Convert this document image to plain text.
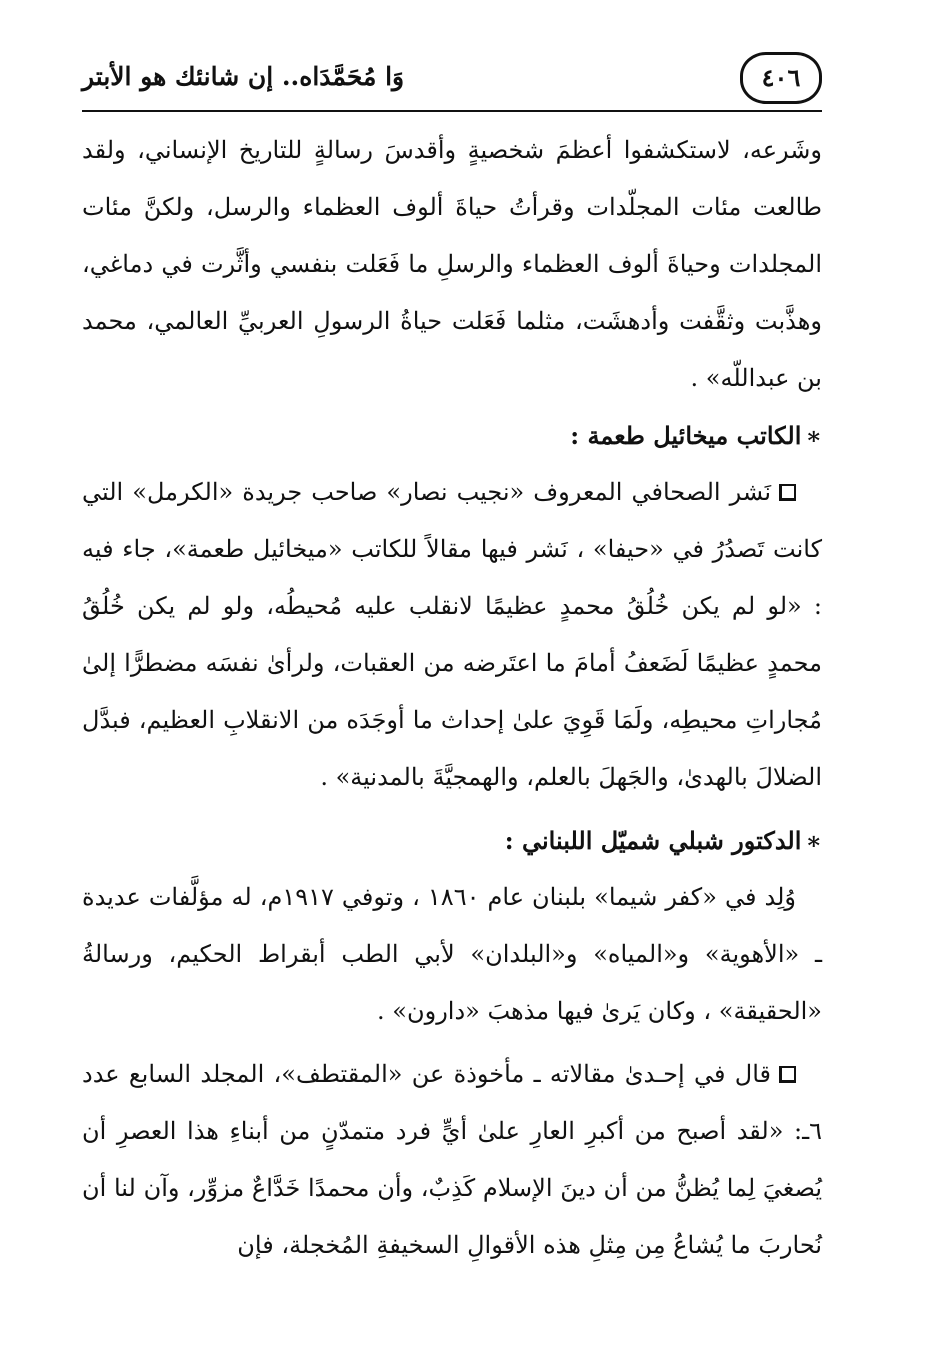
٤٠٦
وَا مُحَمَّدَاه.. إن شانئك هو الأبتر

وشَرعه، لاستكشفوا أعظمَ شخصيةٍ وأقدسَ رسالةٍ للتاريخ الإنساني، ولقد طالعت مئات المجلّدات وقرأتُ حياةَ ألوف العظماء والرسل، ولكنَّ مئات المجلدات وحياةَ ألوف العظماء والرسلِ ما فَعَلت بنفسي وأثَّرت في دماغي، وهذَّبت وثقَّفت وأدهشَت، مثلما فَعَلت حياةُ الرسولِ العربيِّ العالمي، محمد بن عبداللّه» .

∗الكاتب ميخائيل طعمة :

نَشر الصحافي المعروف «نجيب نصار» صاحب جريدة «الكرمل» التي كانت تَصدُرُ في «حيفا» ، نَشر فيها مقالاً للكاتب «ميخائيل طعمة»، جاء فيه : «لو لم يكن خُلُقُ محمدٍ عظيمًا لانقلب عليه مُحيطُه، ولو لم يكن خُلُقُ محمدٍ عظيمًا لَضَعفُ أمامَ ما اعتَرضه من العقبات، ولرأىٰ نفسَه مضطرًّا إلىٰ مُجاراتِ محيطِه، ولَمَا قَوِيَ علىٰ إحداث ما أوجَدَه من الانقلابِ العظيم، فبدَّل الضلالَ بالهدىٰ، والجَهلَ بالعلم، والهمجيَّةَ بالمدنية» .

∗الدكتور شبلي شميّل اللبناني :

وُلِد في «كفر شيما» بلبنان عام ١٨٦٠ ، وتوفي ١٩١٧م، له مؤلَّفات عديدة ـ «الأهوية» و«المياه» و«البلدان» لأبي الطب أبقراط الحكيم، ورسالةُ «الحقيقة» ، وكان يَرىٰ فيها مذهبَ «دارون» .

قال في إحـدىٰ مقالاته ـ مأخوذة عن «المقتطف»، المجلد السابع عدد ٦ـ: «لقد أصبح من أكبرِ العارِ علىٰ أيٍّ فرد متمدّنٍ من أبناءِ هذا العصرِ أن يُصغيَ لِما يُظنُّ من أن دينَ الإسلام كَذِبٌ، وأن محمدًا خَدَّاعٌ مزوِّر، وآن لنا أن نُحاربَ ما يُشاعُ مِن مِثلِ هذه الأقوالِ السخيفةِ المُخجلة، فإن
